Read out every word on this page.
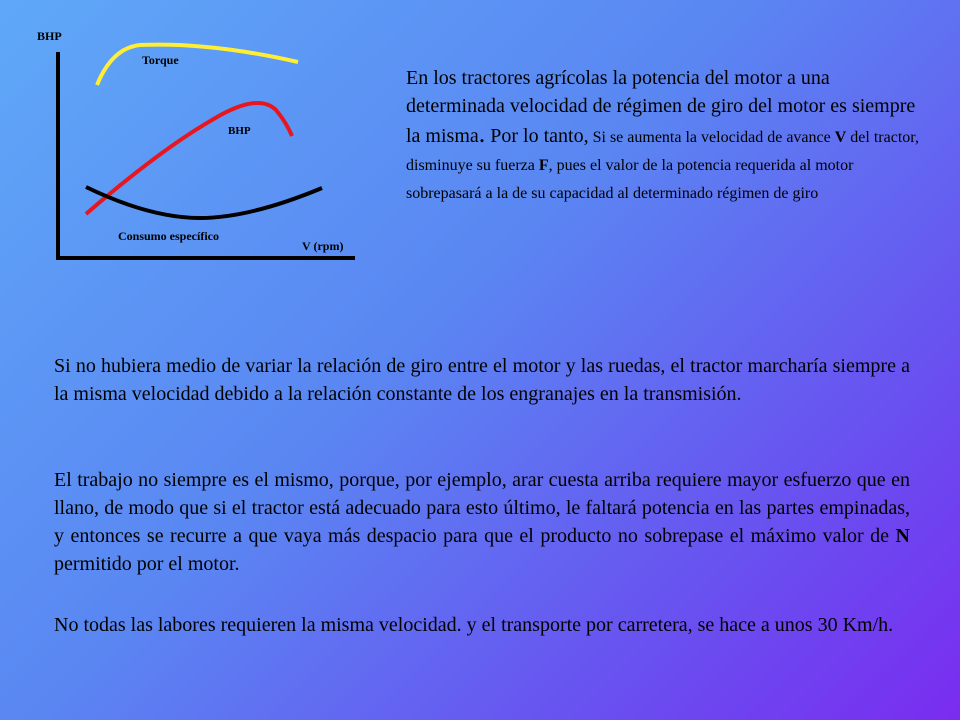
BHP
V (rpm)
Torque
BHP
Consumo específico
En los tractores agrícolas la potencia del motor a una determinada velocidad de régimen de giro del motor es siempre la misma. Por lo tanto, Si se aumenta la velocidad de avance V del tractor, disminuye su fuerza F, pues el valor de la potencia requerida al motor sobrepasará a la de su capacidad al determinado régimen de giro
Si no hubiera medio de variar la relación de giro entre el motor y las ruedas, el tractor marcharía siempre a la misma velocidad debido a la relación constante de los engranajes en la transmisión.
El trabajo no siempre es el mismo, porque, por ejemplo, arar cuesta arriba requiere mayor esfuerzo que en llano, de modo que si el tractor está adecuado para esto último, le faltará potencia en las partes empinadas, y entonces se recurre a que vaya más despacio para que el producto no sobrepase el máximo valor de N permitido por el motor.
No todas las labores requieren la misma velocidad. y el transporte por carretera, se hace a unos 30 Km/h.
